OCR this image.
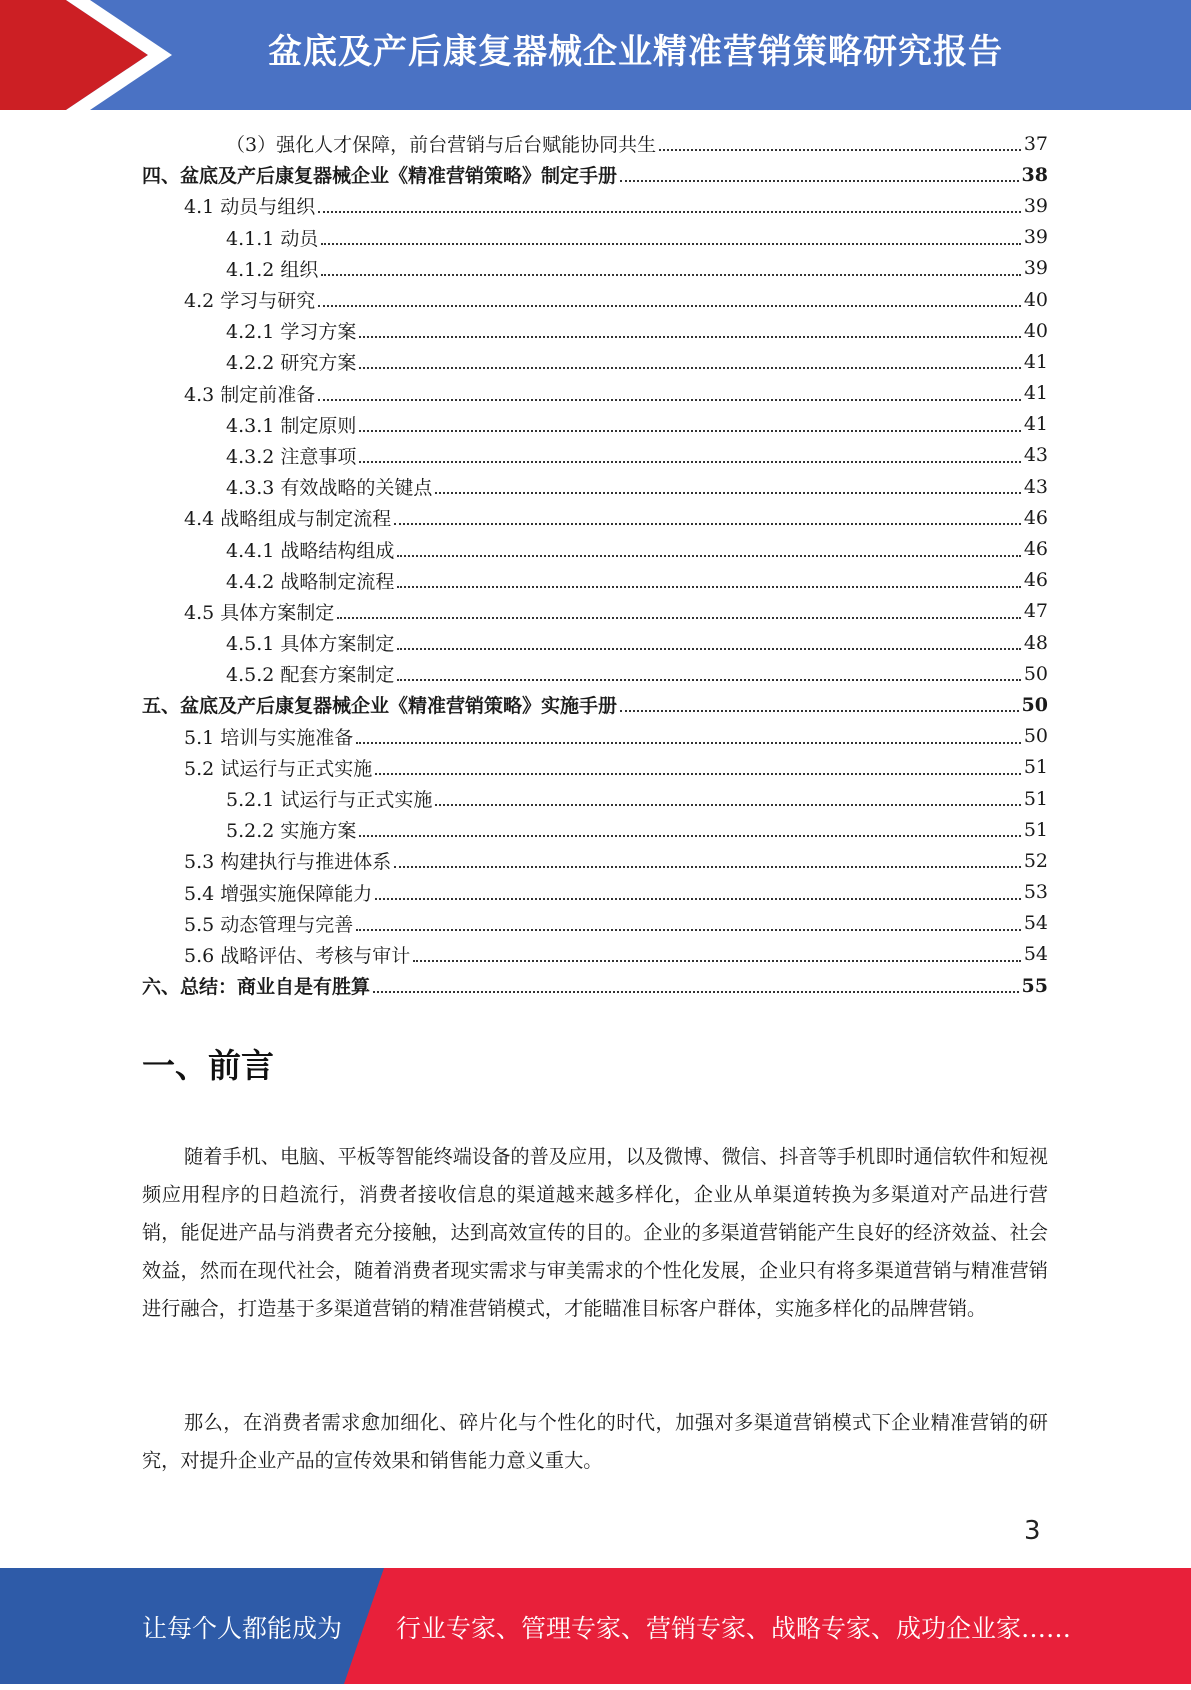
盆底及产后康复器械企业精准营销策略研究报告
（3）强化人才保障，前台营销与后台赋能协同共生	37
四、盆底及产后康复器械企业《精准营销策略》制定手册	38
4.1 动员与组织	39
4.1.1 动员	39
4.1.2 组织	39
4.2 学习与研究	40
4.2.1 学习方案	40
4.2.2 研究方案	41
4.3 制定前准备	41
4.3.1 制定原则	41
4.3.2 注意事项	43
4.3.3 有效战略的关键点	43
4.4 战略组成与制定流程	46
4.4.1 战略结构组成	46
4.4.2 战略制定流程	46
4.5 具体方案制定	47
4.5.1 具体方案制定	48
4.5.2 配套方案制定	50
五、盆底及产后康复器械企业《精准营销策略》实施手册	50
5.1 培训与实施准备	50
5.2 试运行与正式实施	51
5.2.1 试运行与正式实施	51
5.2.2 实施方案	51
5.3 构建执行与推进体系	52
5.4 增强实施保障能力	53
5.5 动态管理与完善	54
5.6 战略评估、考核与审计	54
六、总结：商业自是有胜算	55
一、前言

随着手机、电脑、平板等智能终端设备的普及应用，以及微博、微信、抖音等手机即时通信软件和短视频应用程序的日趋流行，消费者接收信息的渠道越来越多样化，企业从单渠道转换为多渠道对产品进行营销，能促进产品与消费者充分接触，达到高效宣传的目的。企业的多渠道营销能产生良好的经济效益、社会效益，然而在现代社会，随着消费者现实需求与审美需求的个性化发展，企业只有将多渠道营销与精准营销进行融合，打造基于多渠道营销的精准营销模式，才能瞄准目标客户群体，实施多样化的品牌营销。

那么，在消费者需求愈加细化、碎片化与个性化的时代，加强对多渠道营销模式下企业精准营销的研究，对提升企业产品的宣传效果和销售能力意义重大。

3
让每个人都能成为 行业专家、管理专家、营销专家、战略专家、成功企业家……
